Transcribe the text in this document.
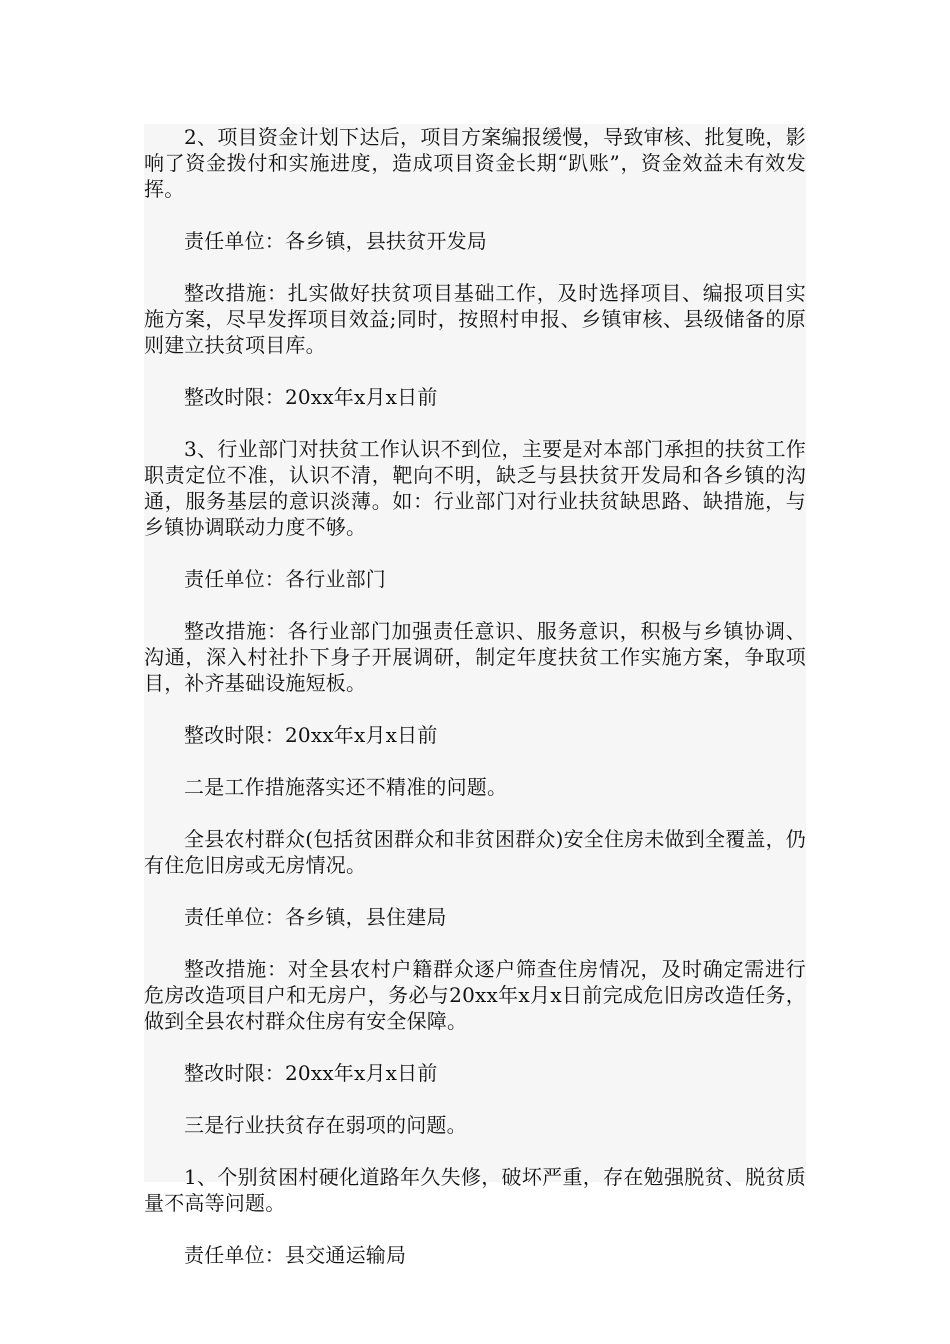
2、项目资金计划下达后，项目方案编报缓慢，导致审核、批复晚，影响了资金拨付和实施进度，造成项目资金长期“趴账”，资金效益未有效发挥。

责任单位：各乡镇，县扶贫开发局

整改措施：扎实做好扶贫项目基础工作，及时选择项目、编报项目实施方案，尽早发挥项目效益;同时，按照村申报、乡镇审核、县级储备的原则建立扶贫项目库。

整改时限：20xx年x月x日前

3、行业部门对扶贫工作认识不到位，主要是对本部门承担的扶贫工作职责定位不准，认识不清，靶向不明，缺乏与县扶贫开发局和各乡镇的沟通，服务基层的意识淡薄。如：行业部门对行业扶贫缺思路、缺措施，与乡镇协调联动力度不够。

责任单位：各行业部门

整改措施：各行业部门加强责任意识、服务意识，积极与乡镇协调、沟通，深入村社扑下身子开展调研，制定年度扶贫工作实施方案，争取项目，补齐基础设施短板。

整改时限：20xx年x月x日前

二是工作措施落实还不精准的问题。

全县农村群众(包括贫困群众和非贫困群众)安全住房未做到全覆盖，仍有住危旧房或无房情况。

责任单位：各乡镇，县住建局

整改措施：对全县农村户籍群众逐户筛查住房情况，及时确定需进行危房改造项目户和无房户，务必与20xx年x月x日前完成危旧房改造任务，做到全县农村群众住房有安全保障。

整改时限：20xx年x月x日前

三是行业扶贫存在弱项的问题。

1、个别贫困村硬化道路年久失修，破坏严重，存在勉强脱贫、脱贫质量不高等问题。

责任单位：县交通运输局
